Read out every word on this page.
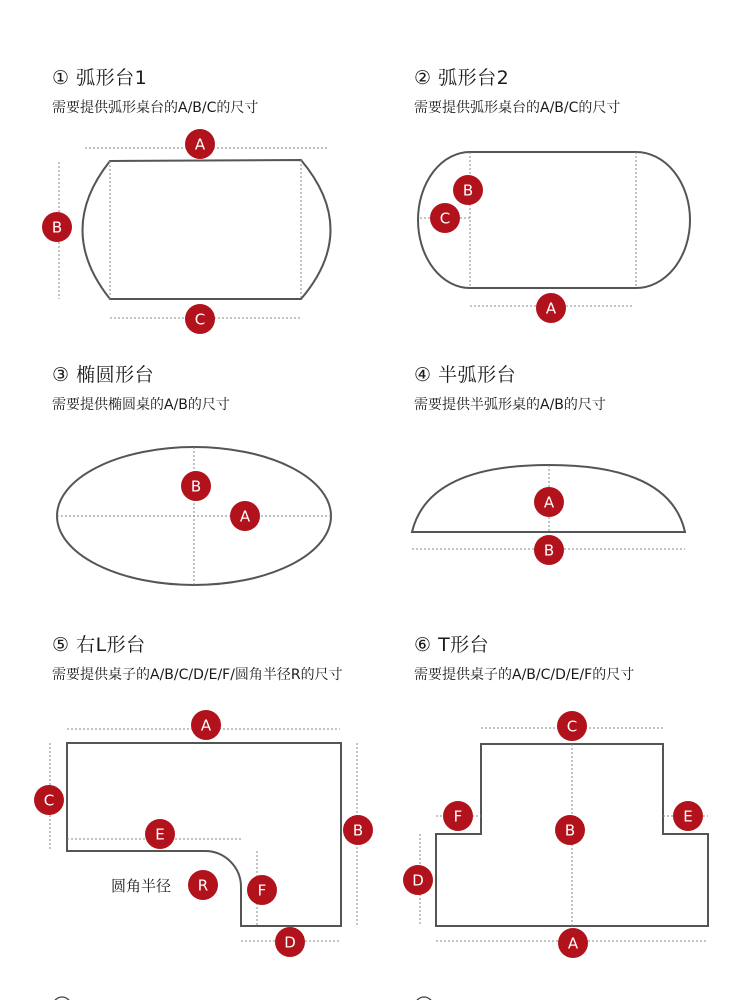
① 弧形台1
需要提供弧形桌台的A/B/C的尺寸
② 弧形台2
需要提供弧形桌台的A/B/C的尺寸
③ 椭圆形台
需要提供椭圆桌的A/B的尺寸
④ 半弧形台
需要提供半弧形桌的A/B的尺寸
⑤ 右L形台
需要提供桌子的A/B/C/D/E/F/圆角半径R的尺寸
⑥ T形台
需要提供桌子的A/B/C/D/E/F的尺寸
A
B
C
B
C
A
B
A
A
B
A
C
E	B
R	F
D
圆角半径
C
F
B
E
D
A
